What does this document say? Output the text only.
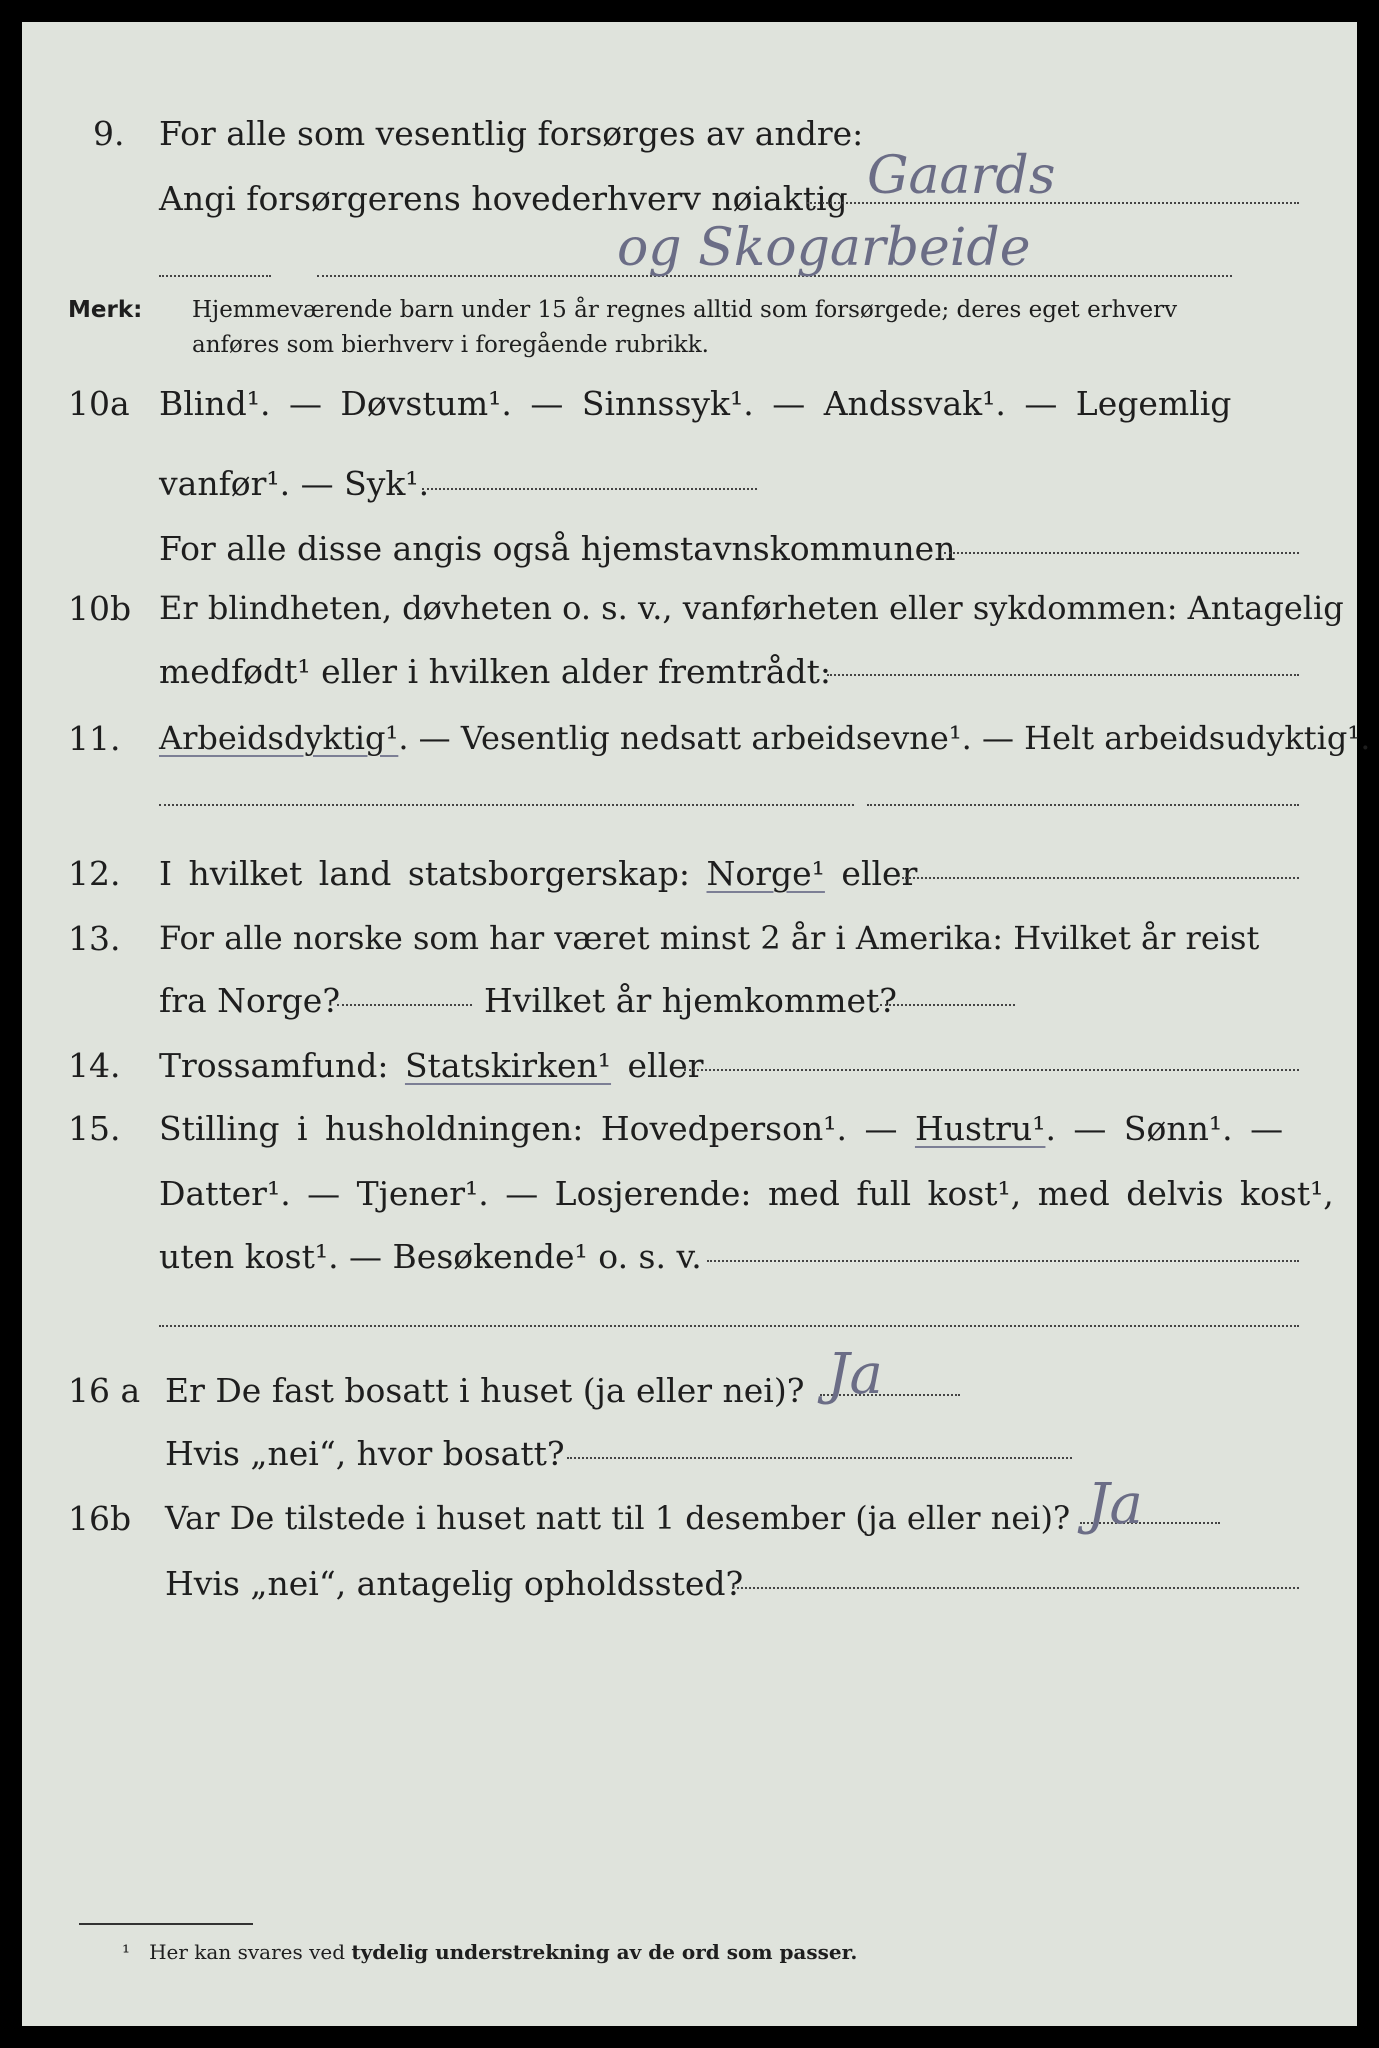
9. For alle som vesentlig forsørges av andre:
Angi forsørgerens hovederhverv nøiaktig Gaards
og Skogarbeide
Merk: Hjemmeværende barn under 15 år regnes alltid som forsørgede; deres eget erhverv
anføres som bierhverv i foregående rubrikk.
10a Blind¹. — Døvstum¹. — Sinnssyk¹. — Andssvak¹. — Legemlig
vanfør¹. — Syk¹.
For alle disse angis også hjemstavnskommunen
10b Er blindheten, døvheten o. s. v., vanførheten eller sykdommen: Antagelig
medfødt¹ eller i hvilken alder fremtrådt:
11. Arbeidsdyktig¹. — Vesentlig nedsatt arbeidsevne¹. — Helt arbeidsudyktig¹.
12. I hvilket land statsborgerskap: Norge¹ eller
13. For alle norske som har været minst 2 år i Amerika: Hvilket år reist
fra Norge?	Hvilket år hjemkommet?
14. Trossamfund: Statskirken¹ eller
15. Stilling i husholdningen: Hovedperson¹. — Hustru¹. — Sønn¹. —
Datter¹. — Tjener¹. — Losjerende: med full kost¹, med delvis kost¹,
uten kost¹. — Besøkende¹ o. s. v.
16 a Er De fast bosatt i huset (ja eller nei)? Ja
Hvis „nei“, hvor bosatt?
16b Var De tilstede i huset natt til 1 desember (ja eller nei)? Ja
Hvis „nei“, antagelig opholdssted?
¹ Her kan svares ved tydelig understrekning av de ord som passer.
